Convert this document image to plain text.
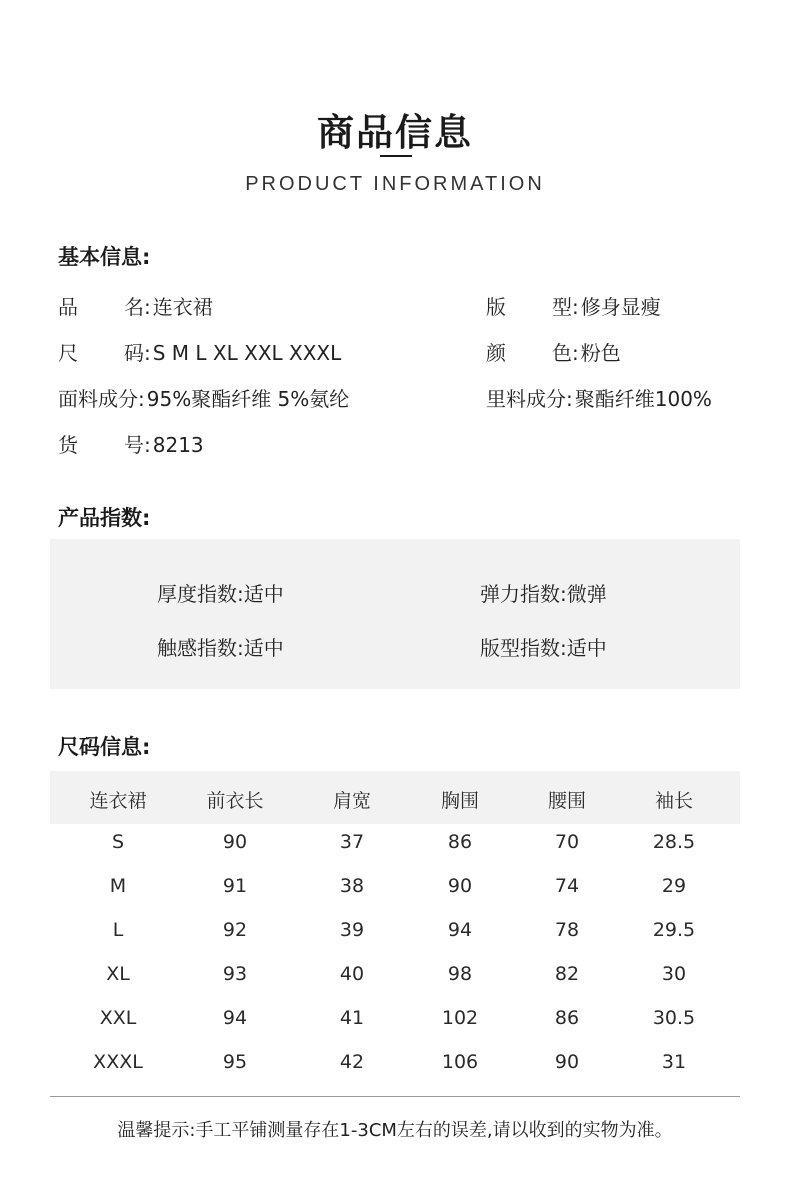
商品信息
PRODUCT INFORMATION
基本信息:
品 名 : 连衣裙	版 型 : 修身显瘦
尺 码 : S M L XL XXL XXXL	颜 色 : 粉色
面料成分: 95%聚酯纤维 5%氨纶	里料成分: 聚酯纤维100%
货 号 : 8213
产品指数:
厚度指数:适中	弹力指数:微弹
触感指数:适中	版型指数:适中
尺码信息:
连衣裙	前衣长	肩宽	胸围	腰围	袖长
S	90	37	86	70	28.5
M	91	38	90	74	29
L	92	39	94	78	29.5
XL	93	40	98	82	30
XXL	94	41	102	86	30.5
XXXL	95	42	106	90	31
温馨提示:手工平铺测量存在1-3CM左右的误差,请以收到的实物为准。
